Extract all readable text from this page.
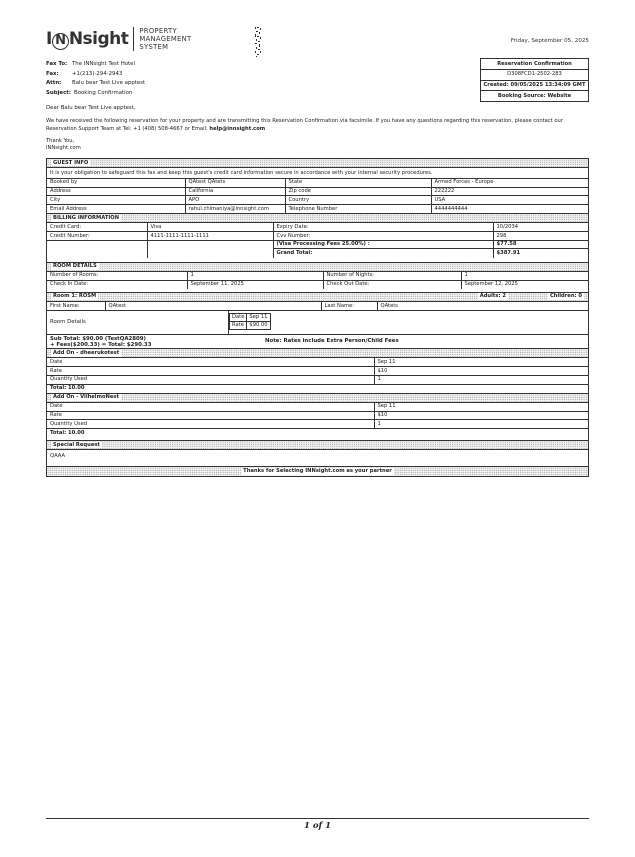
I N Nsight PROPERTY
MANAGEMENT
SYSTEM
Friday, September 05, 2025
Reservation Confirmation
D308FCD1-2502-283
Created: 09/05/2025 13:34:09 GMT
Booking Source: Website
Fax To: The INNsight Test Hotel
Fax:	+1(213)-294-2943
Attn:	Balu bear Test Live apptest
Subject: Booking Confirmation
Dear Balu bear Test Live apptest,
We have received the following reservation for your property and are transmitting this Reservation Confirmation via facsimile. If you have any questions regarding this reservation, please contact our
Reservation Support Team at Tel: +1 (408) 508-4667 or Email: help@innsight.com
Thank You,
INNsight.com
GUEST INFO
It is your obligation to safeguard this fax and keep this guest's credit card information secure in accordance with your internal security procedures.
Booked by	QAtest QAtets	State	Armed Forces - Europe
Address	California	Zip code	222222
City	APO	Country	USA
Email Address	rahul.chimaniya@innsight.com	Telephone Number	4444444444
BILLING INFORMATION
Credit Card:	Visa	Expiry Date:	10/2034
Credit Number:	4111-1111-1111-1111	Cvv Number:	298
		(Visa Processing Fees 25.00%) :	$77.58
		Grand Total:	$387.91
ROOM DETAILS
Number of Rooms:	1	Number of Nights:	1
Check In Date:	September 11, 2025	Check Out Date:	September 12, 2025
Room 1: ROSM	Adults: 2	Children: 0
First Name:	QAtest	Last Name:	QAtets
Room Details
Date	Sep 11
Rate	$90.00
Sub Total: $90.00 (TestQA2809)
+ Fees($200.33) = Total: $290.33
Note: Rates include Extra Person/Child Fees
Add On - dheerukotest
Date	Sep 11
Rate	$10
Quantity Used	1
Total: 10.00	
Add On - VilhelmoNest
Date	Sep 11
Rate	$10
Quantity Used	1
Total: 10.00	
Special Request
QAAA
Thanks for Selecting INNsight.com as your partner
1 of 1
